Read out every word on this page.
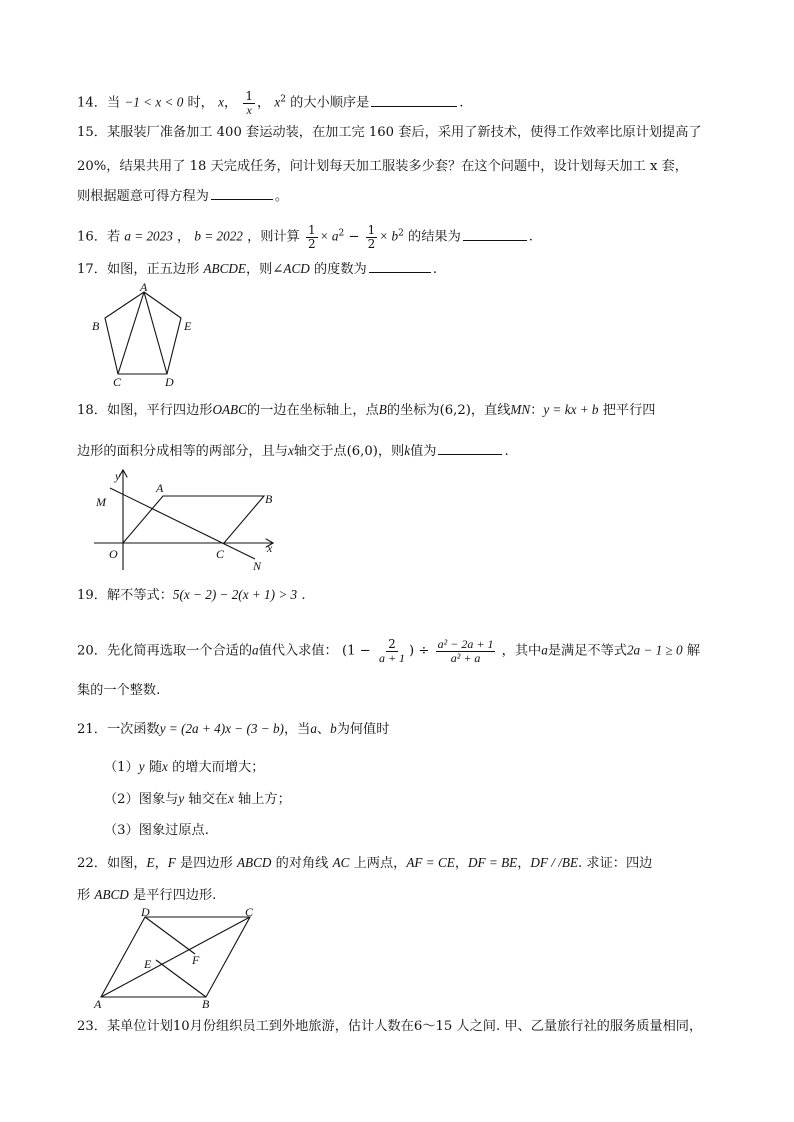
14．当 −1 < x < 0 时， x， $\frac{1}{x}$ ， $x^2$ 的大小顺序是	.
15．某服装厂准备加工 400 套运动装，在加工完 160 套后，采用了新技术，使得工作效率比原计划提高了
20%，结果共用了 18 天完成任务，问计划每天加工服装多少套？在这个问题中，设计划每天加工 x 套，
则根据题意可得方程为	。
16．若 a = 2023 ， b = 2022 ，则计算 $\frac{1}{2} \times a^2 - \frac{1}{2} \times b^2$ 的结果为	.
17．如图，正五边形 ABCDE，则∠ACD 的度数为	.
A
B	E
C	D
18．如图，平行四边形OABC的一边在坐标轴上，点B的坐标为(6,2)，直线MN：y = kx + b 把平行四
边形的面积分成相等的两部分，且与x轴交于点(6,0)，则k值为	.
y
M
A
B
O	C	x
N
19．解不等式：5(x − 2) − 2(x + 1) > 3 .
20．先化简再选取一个合适的a值代入求值： ($1 - \frac{2}{a + 1}$ ) ÷ $\frac{\text{a² − 2a + 1}}{\text{a² + a}}$ ，其中a是满足不等式2a − 1 ≥ 0 解
集的一个整数.
21．一次函数y = (2a + 4)x − (3 − b)，当a、b为何值时
（1）y 随x 的增大而增大；
（2）图象与y 轴交在x 轴上方；
（3）图象过原点.
22．如图，E，F 是四边形 ABCD 的对角线 AC 上两点，AF = CE，DF = BE，DF / /BE. 求证：四边
形 ABCD 是平行四边形.
D	C
E	F
A	B
23．某单位计划10月份组织员工到外地旅游，估计人数在6～15 人之间. 甲、乙量旅行社的服务质量相同，
